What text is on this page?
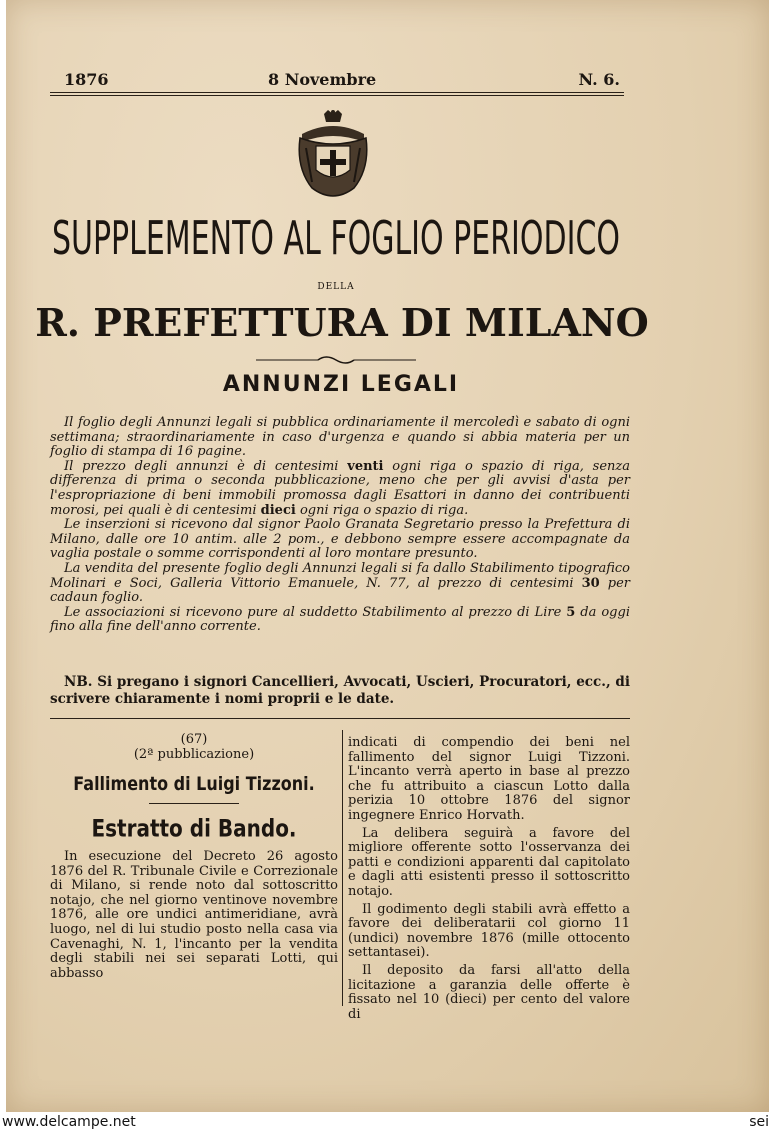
1876	8 Novembre	N. 6.
SUPPLEMENTO AL FOGLIO PERIODICO
DELLA
R. PREFETTURA DI MILANO
ANNUNZI LEGALI

Il foglio degli Annunzi legali si pubblica ordinariamente il mercoledì e sabato di ogni settimana; straordinariamente in caso d'urgenza e quando si abbia materia per un foglio di stampa di 16 pagine.

Il prezzo degli annunzi è di centesimi venti ogni riga o spazio di riga, senza differenza di prima o seconda pubblicazione, meno che per gli avvisi d'asta per l'espropriazione di beni immobili promossa dagli Esattori in danno dei contribuenti morosi, pei quali è di centesimi dieci ogni riga o spazio di riga.

Le inserzioni si ricevono dal signor Paolo Granata Segretario presso la Prefettura di Milano, dalle ore 10 antim. alle 2 pom., e debbono sempre essere accompagnate da vaglia postale o somme corrispondenti al loro montare presunto.

La vendita del presente foglio degli Annunzi legali si fa dallo Stabilimento tipografico Molinari e Soci, Galleria Vittorio Emanuele, N. 77, al prezzo di centesimi 30 per cadaun foglio.

Le associazioni si ricevono pure al suddetto Stabilimento al prezzo di Lire 5 da oggi fino alla fine dell'anno corrente.

NB. Si pregano i signori Cancellieri, Avvocati, Uscieri, Procuratori, ecc., di scrivere chiaramente i nomi proprii e le date.
(67)
(2ª pubblicazione)
Fallimento di Luigi Tizzoni.
Estratto di Bando.

In esecuzione del Decreto 26 agosto 1876 del R. Tribunale Civile e Correzionale di Milano, si rende noto dal sottoscritto notajo, che nel giorno ventinove novembre 1876, alle ore undici antimeridiane, avrà luogo, nel di lui studio posto nella casa via Cavenaghi, N. 1, l'incanto per la vendita degli stabili nei sei separati Lotti, qui abbasso

indicati di compendio dei beni nel fallimento del signor Luigi Tizzoni. L'incanto verrà aperto in base al prezzo che fu attribuito a ciascun Lotto dalla perizia 10 ottobre 1876 del signor ingegnere Enrico Horvath.

La delibera seguirà a favore del migliore offerente sotto l'osservanza dei patti e condizioni apparenti dal capitolato e dagli atti esistenti presso il sottoscritto notajo.

Il godimento degli stabili avrà effetto a favore dei deliberatarii col giorno 11 (undici) novembre 1876 (mille ottocento settantasei).

Il deposito da farsi all'atto della licitazione a garanzia delle offerte è fissato nel 10 (dieci) per cento del valore di

www.delcampe.net	sei
